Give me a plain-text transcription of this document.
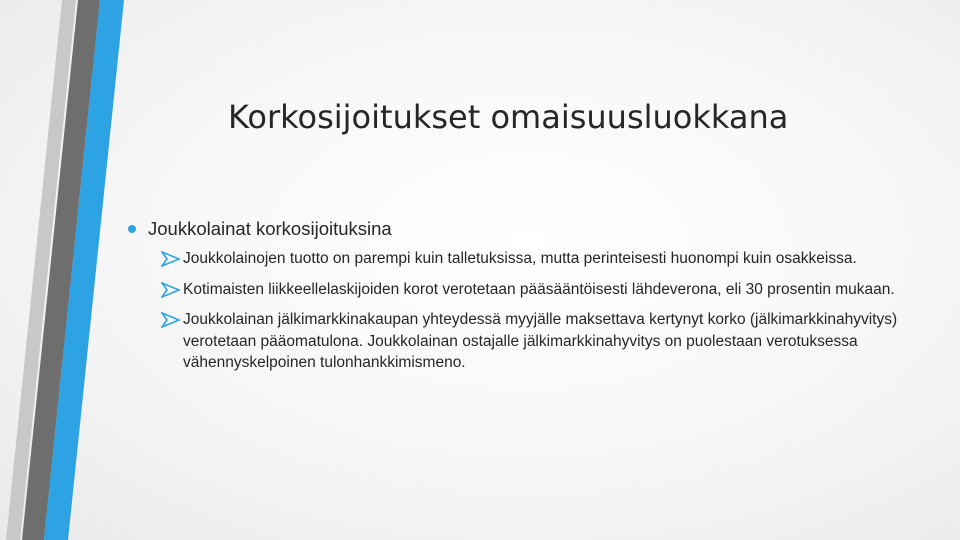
Korkosijoitukset omaisuusluokkana
Joukkolainat korkosijoituksina
Joukkolainojen tuotto on parempi kuin talletuksissa, mutta perinteisesti huonompi kuin osakkeissa.
Kotimaisten liikkeellelaskijoiden korot verotetaan pääsääntöisesti lähdeverona, eli 30 prosentin mukaan.
Joukkolainan jälkimarkkinakaupan yhteydessä myyjälle maksettava kertynyt korko (jälkimarkkinahyvitys) verotetaan pääomatulona. Joukkolainan ostajalle jälkimarkkinahyvitys on puolestaan verotuksessa vähennyskelpoinen tulonhankkimismeno.
